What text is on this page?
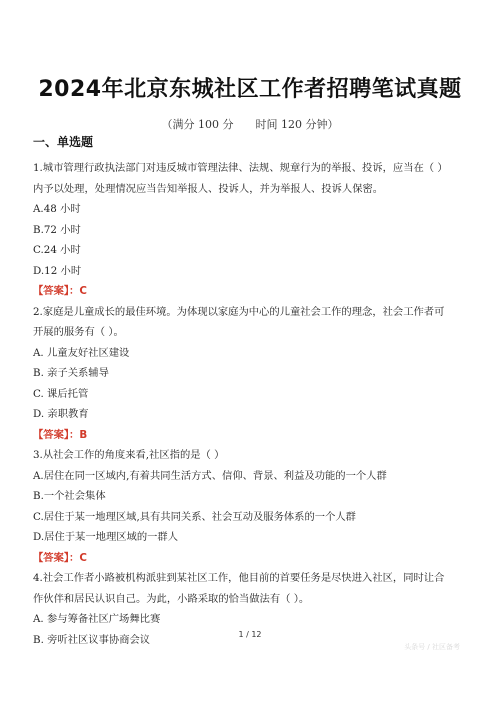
2024年北京东城社区工作者招聘笔试真题
（满分 100 分　　时间 120 分钟）
一、单选题
1.城市管理行政执法部门对违反城市管理法律、法规、规章行为的举报、投诉，应当在（ ）
内予以处理，处理情况应当告知举报人、投诉人，并为举报人、投诉人保密。
A.48 小时
B.72 小时
C.24 小时
D.12 小时
【答案】：C
2.家庭是儿童成长的最佳环境。为体现以家庭为中心的儿童社会工作的理念，社会工作者可
开展的服务有（ ）。
A. 儿童友好社区建设
B. 亲子关系辅导
C. 课后托管
D. 亲职教育
【答案】：B
3.从社会工作的角度来看,社区指的是（ ）
A.居住在同一区域内,有着共同生活方式、信仰、背景、利益及功能的一个人群
B.一个社会集体
C.居住于某一地理区域,具有共同关系、社会互动及服务体系的一个人群
D.居住于某一地理区域的一群人
【答案】：C
4.社会工作者小路被机构派驻到某社区工作，他目前的首要任务是尽快进入社区，同时让合
作伙伴和居民认识自己。为此，小路采取的恰当做法有（ ）。
A. 参与筹备社区广场舞比赛
B. 旁听社区议事协商会议	1 / 12
头条号 / 社区备考
